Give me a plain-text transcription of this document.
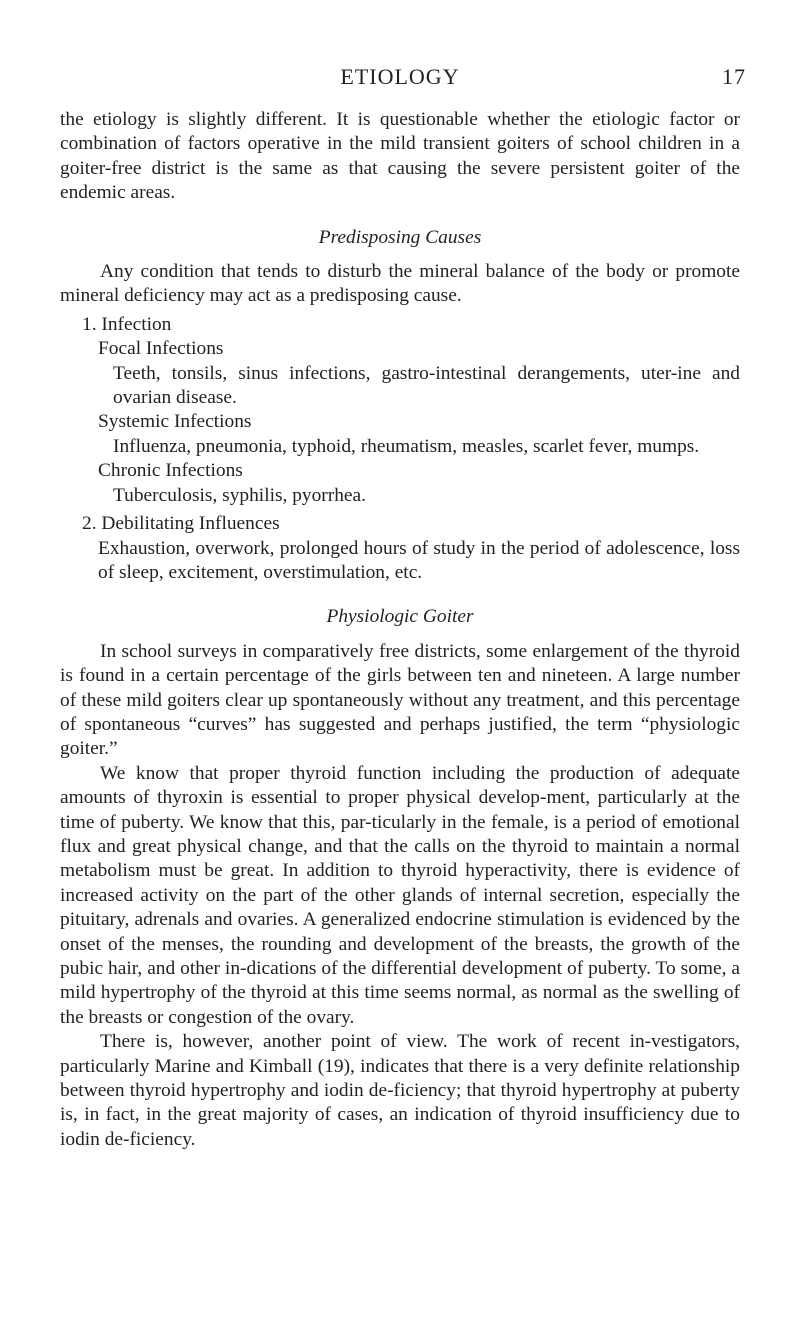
ETIOLOGY	17

the etiology is slightly different. It is questionable whether the etiologic factor or combination of factors operative in the mild transient goiters of school children in a goiter-free district is the same as that causing the severe persistent goiter of the endemic areas.

Predisposing Causes

Any condition that tends to disturb the mineral balance of the body or promote mineral deficiency may act as a predisposing cause.

1. Infection

Focal Infections

Teeth, tonsils, sinus infections, gastro-intestinal derangements, uter-ine and ovarian disease.

Systemic Infections

Influenza, pneumonia, typhoid, rheumatism, measles, scarlet fever, mumps.

Chronic Infections

Tuberculosis, syphilis, pyorrhea.

2. Debilitating Influences

Exhaustion, overwork, prolonged hours of study in the period of adolescence, loss of sleep, excitement, overstimulation, etc.

Physiologic Goiter

In school surveys in comparatively free districts, some enlargement of the thyroid is found in a certain percentage of the girls between ten and nineteen. A large number of these mild goiters clear up spontaneously without any treatment, and this percentage of spontaneous “curves” has suggested and perhaps justified, the term “physiologic goiter.”

We know that proper thyroid function including the production of adequate amounts of thyroxin is essential to proper physical develop-ment, particularly at the time of puberty. We know that this, par-ticularly in the female, is a period of emotional flux and great physical change, and that the calls on the thyroid to maintain a normal metabolism must be great. In addition to thyroid hyperactivity, there is evidence of increased activity on the part of the other glands of internal secretion, especially the pituitary, adrenals and ovaries. A generalized endocrine stimulation is evidenced by the onset of the menses, the rounding and development of the breasts, the growth of the pubic hair, and other in-dications of the differential development of puberty. To some, a mild hypertrophy of the thyroid at this time seems normal, as normal as the swelling of the breasts or congestion of the ovary.

There is, however, another point of view. The work of recent in-vestigators, particularly Marine and Kimball (19), indicates that there is a very definite relationship between thyroid hypertrophy and iodin de-ficiency; that thyroid hypertrophy at puberty is, in fact, in the great majority of cases, an indication of thyroid insufficiency due to iodin de-ficiency.
